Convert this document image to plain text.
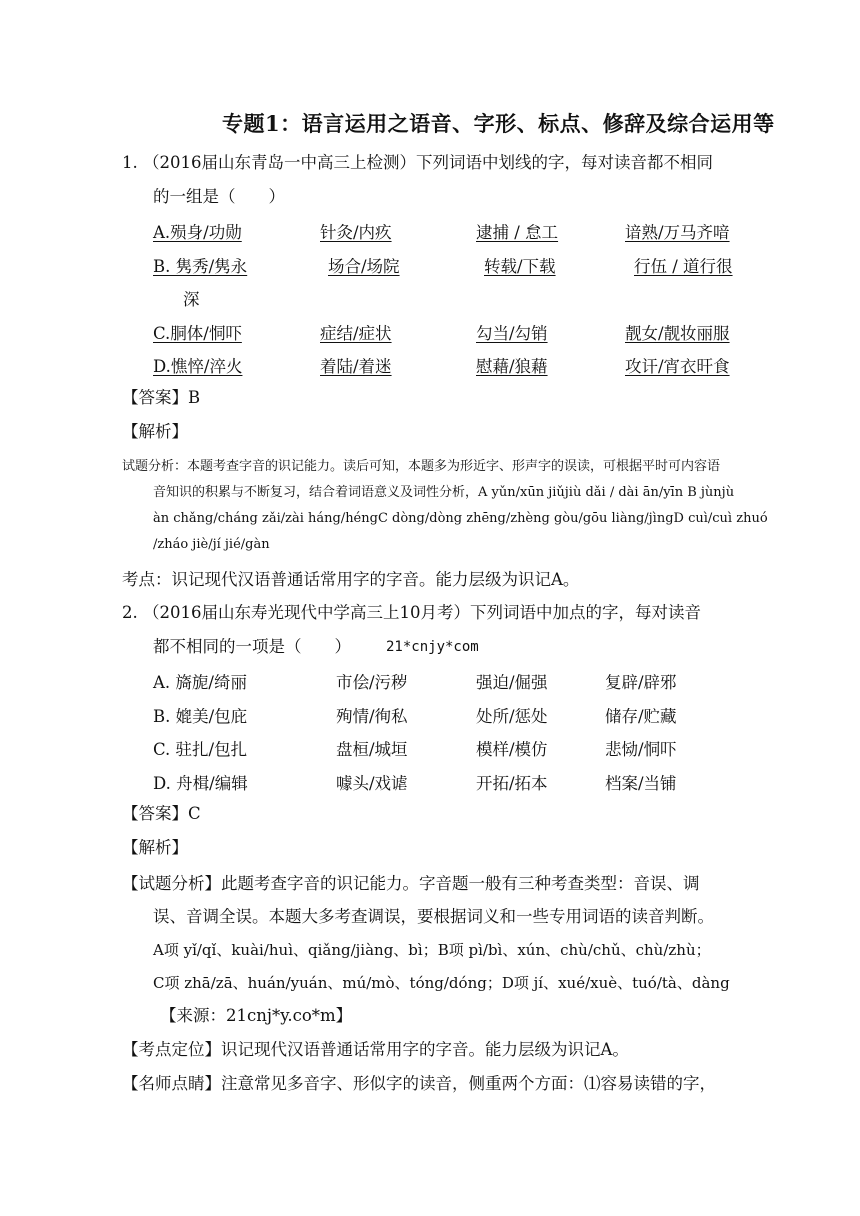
专题1：语言运用之语音、字形、标点、修辞及综合运用等
1. （2016届山东青岛一中高三上检测）下列词语中划线的字，每对读音都不相同
的一组是（　　）
A.殒身/功勋	针灸/内疚	逮捕 / 怠工	谙熟/万马齐喑
B. 隽秀/隽永	场合/场院	转载/下载	行伍 / 道行很
深
C.胴体/恫吓	症结/症状	勾当/勾销	靓女/靓妆丽服
D.憔悴/淬火	着陆/着迷	慰藉/狼藉	攻讦/宵衣旰食
【答案】B
【解析】
试题分析：本题考查字音的识记能力。读后可知，本题多为形近字、形声字的误读，可根据平时可内容语
音知识的积累与不断复习，结合着词语意义及词性分析，A yǔn/xūn jiǔjiù dǎi / dài ān/yīn B jùnjù
àn chǎng/cháng zǎi/zài háng/héngC dòng/dòng zhēng/zhèng gòu/gōu liàng/jìngD cuì/cuì zhuó
/zháo jiè/jí jié/gàn
考点：识记现代汉语普通话常用字的字音。能力层级为识记A。
2. （2016届山东寿光现代中学高三上10月考）下列词语中加点的字，每对读音
都不相同的一项是（　　）	21*cnjy*com
A. 旖旎/绮丽	市侩/污秽	强迫/倔强	复辟/辟邪
B. 媲美/包庇	殉情/徇私	处所/惩处	储存/贮藏
C. 驻扎/包扎	盘桓/城垣	模样/模仿	悲恸/恫吓
D. 舟楫/编辑	噱头/戏谑	开拓/拓本	档案/当铺
【答案】C
【解析】
【试题分析】此题考查字音的识记能力。字音题一般有三种考查类型：音误、调
误、音调全误。本题大多考查调误，要根据词义和一些专用词语的读音判断。
A项 yǐ/qǐ、kuài/huì、qiǎng/jiàng、bì；B项 pì/bì、xún、chù/chǔ、chù/zhù；
C项 zhā/zā、huán/yuán、mú/mò、tóng/dóng；D项 jí、xué/xuè、tuó/tà、dàng
【来源：21cnj*y.co*m】
【考点定位】识记现代汉语普通话常用字的字音。能力层级为识记A。
【名师点睛】注意常见多音字、形似字的读音，侧重两个方面：⑴容易读错的字，
